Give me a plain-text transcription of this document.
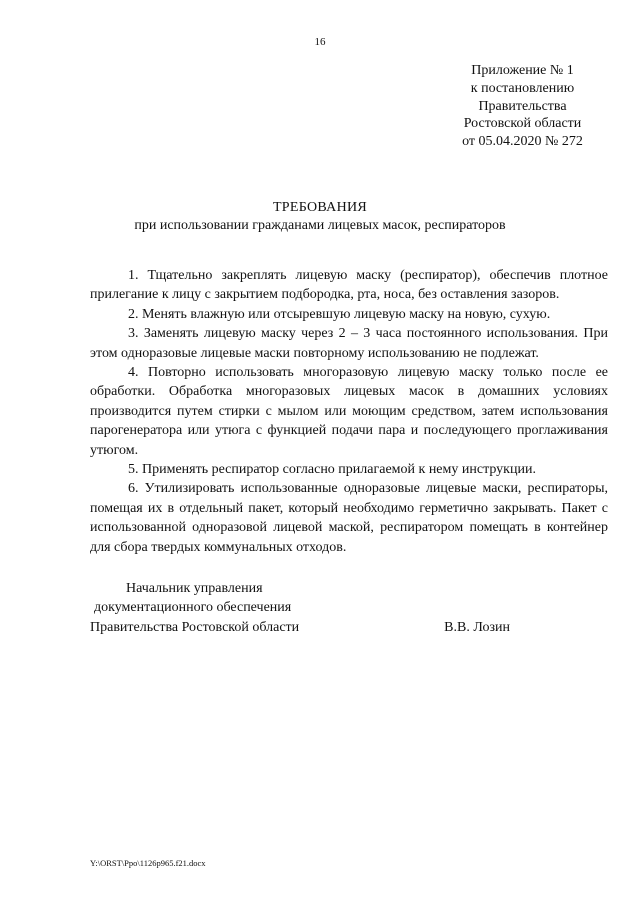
16
Приложение № 1
к постановлению
Правительства
Ростовской области
от 05.04.2020 № 272
ТРЕБОВАНИЯ
при использовании гражданами лицевых масок, респираторов

1. Тщательно закреплять лицевую маску (респиратор), обеспечив плотное прилегание к лицу с закрытием подбородка, рта, носа, без оставления зазоров.

2. Менять влажную или отсыревшую лицевую маску на новую, сухую.

3. Заменять лицевую маску через 2 – 3 часа постоянного использования. При этом одноразовые лицевые маски повторному использованию не подлежат.

4. Повторно использовать многоразовую лицевую маску только после ее обработки. Обработка многоразовых лицевых масок в домашних условиях производится путем стирки с мылом или моющим средством, затем использования парогенератора или утюга с функцией подачи пара и последующего проглаживания утюгом.

5. Применять респиратор согласно прилагаемой к нему инструкции.

6. Утилизировать использованные одноразовые лицевые маски, респираторы, помещая их в отдельный пакет, который необходимо герметично закрывать. Пакет с использованной одноразовой лицевой маской, респиратором помещать в контейнер для сбора твердых коммунальных отходов.

Начальник управления
документационного обеспечения
Правительства Ростовской области	В.В. Лозин
Y:\ORST\Ppo\1126p965.f21.docx
